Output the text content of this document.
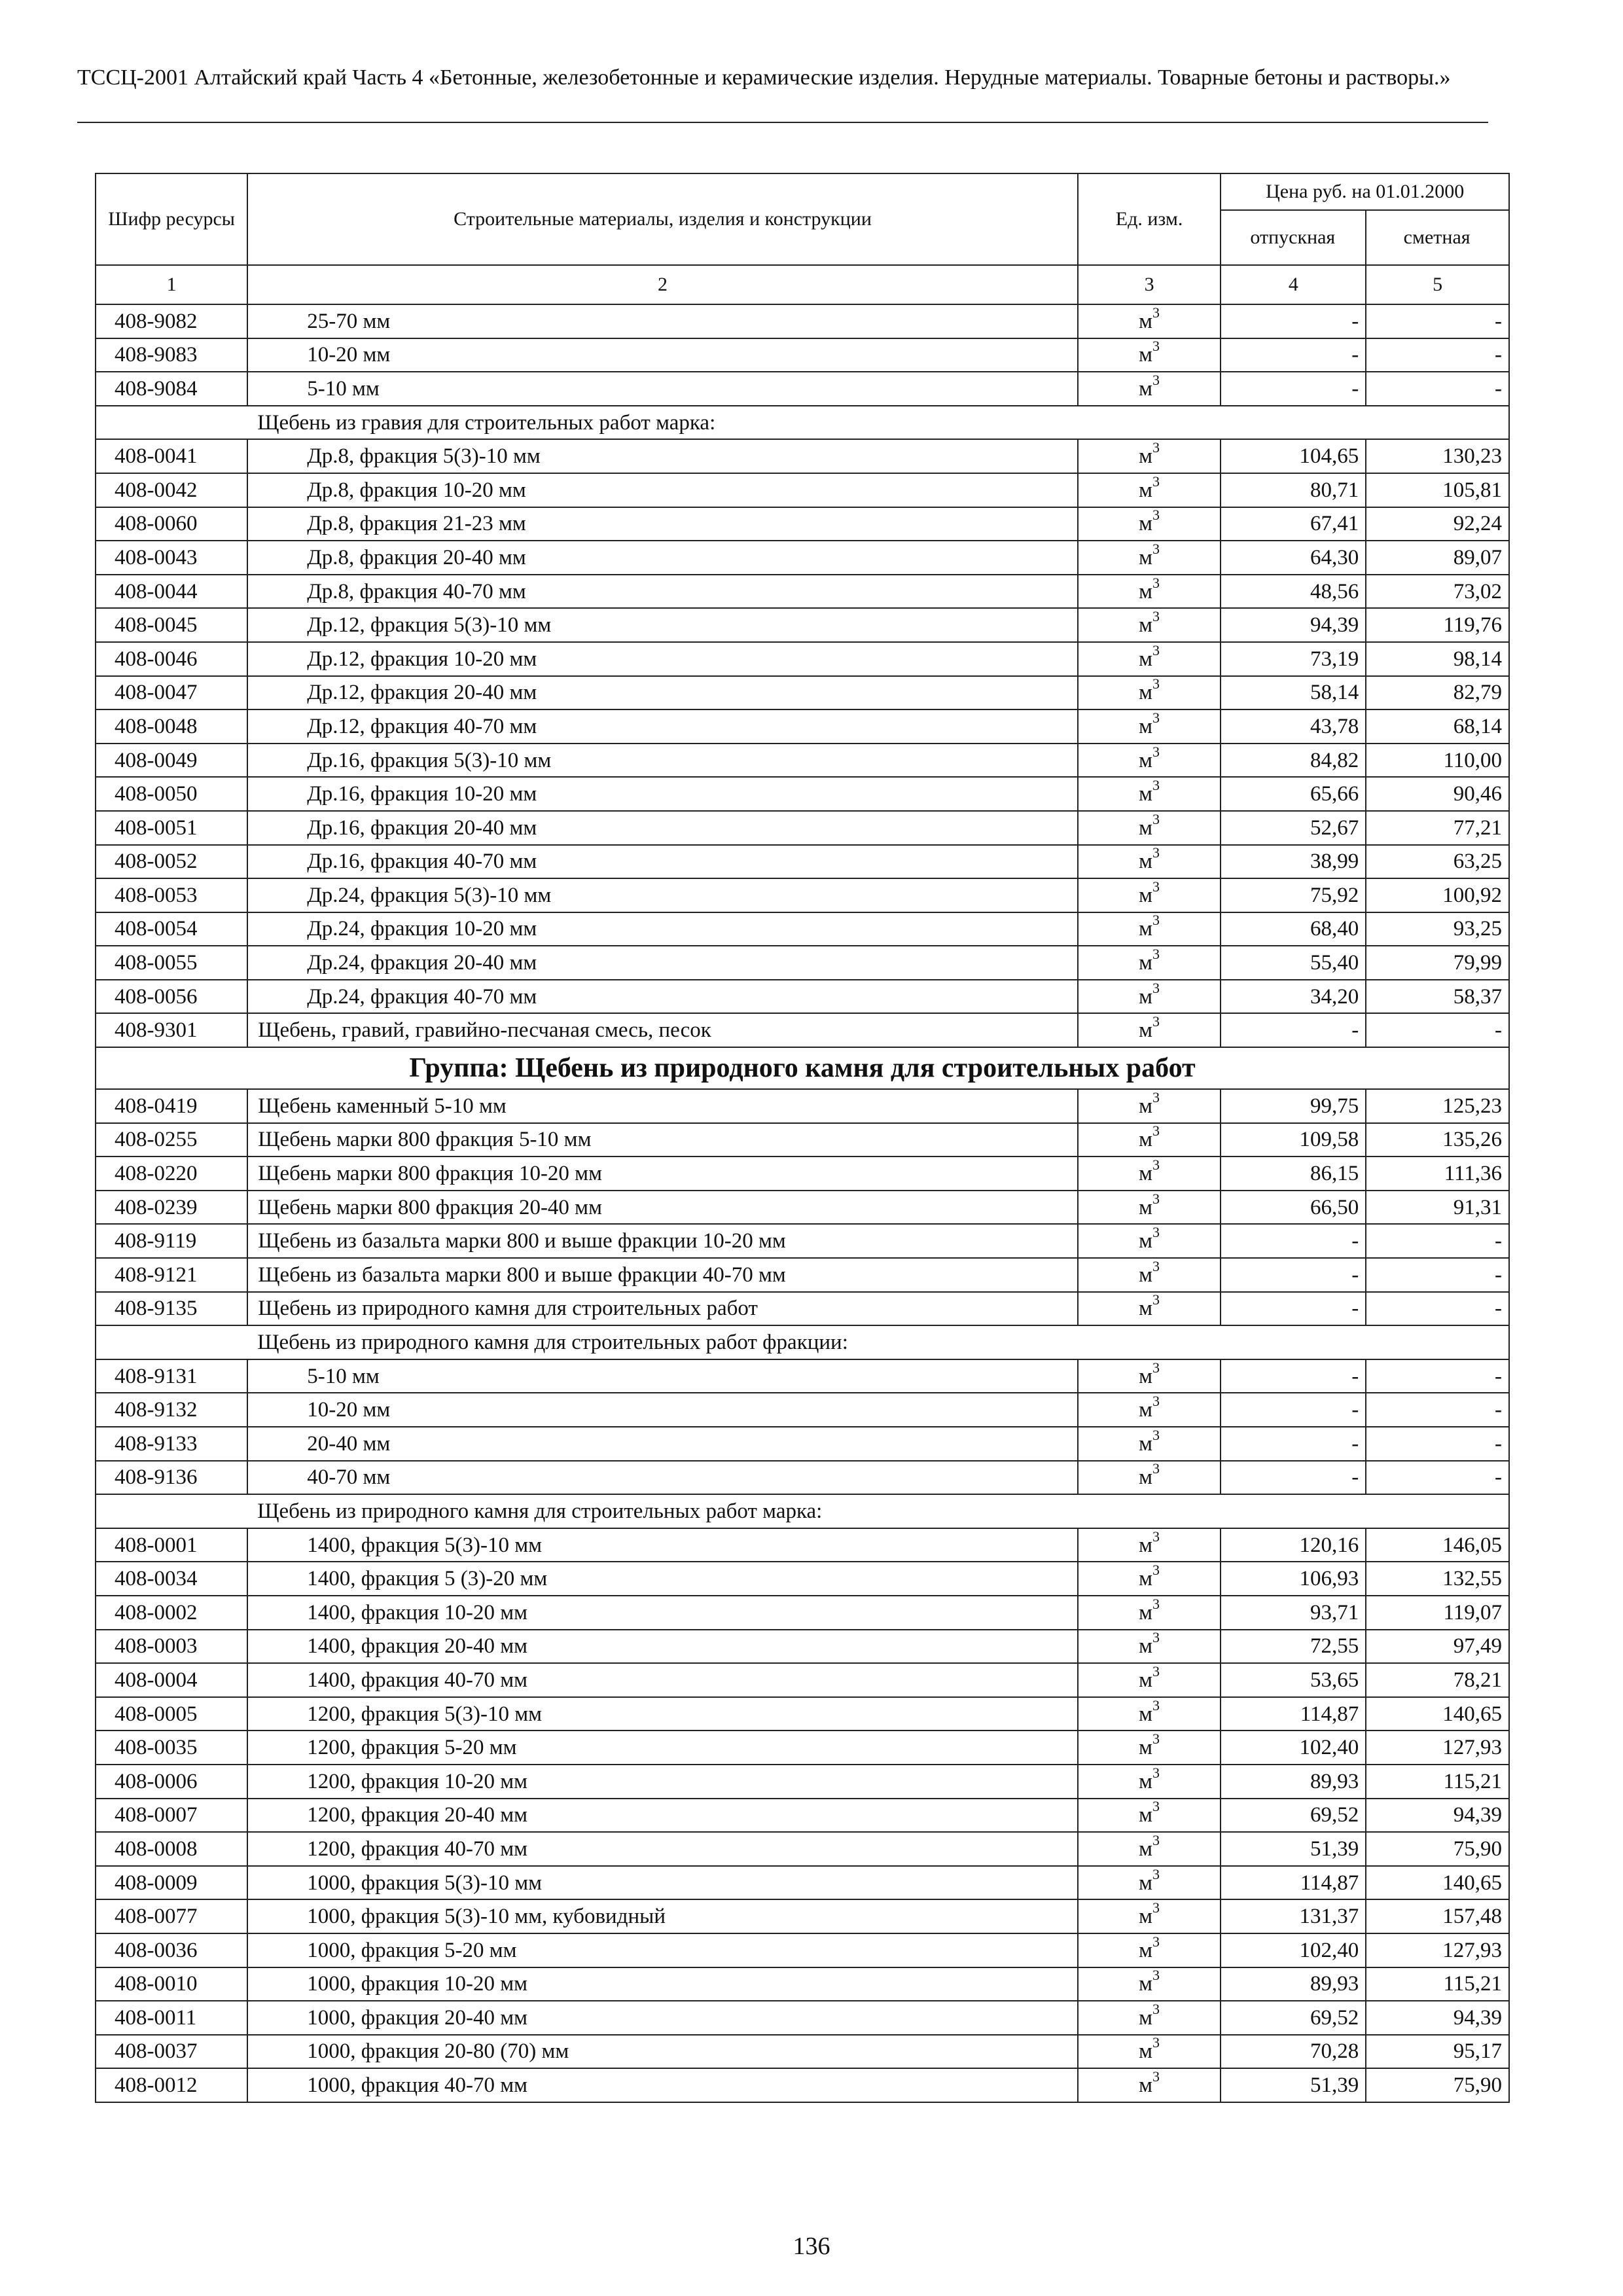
ТССЦ-2001 Алтайский край Часть 4 «Бетонные, железобетонные и керамические изделия. Нерудные материалы. Товарные бетоны и растворы.»
Шифр ресурсы	Строительные материалы, изделия и конструкции	Ед. изм.	Цена руб. на 01.01.2000	
			отпускная	сметная
1	2	3	4	5
408-9082	25-70 мм	$м^3$	-	-
408-9083	10-20 мм	$м^3$	-	-
408-9084	5-10 мм	$м^3$	-	-
	Щебень из гравия для строительных работ марка:			
408-0041	Др.8, фракция 5(3)-10 мм	$м^3$	104,65	130,23
408-0042	Др.8, фракция 10-20 мм	$м^3$	80,71	105,81
408-0060	Др.8, фракция 21-23 мм	$м^3$	67,41	92,24
408-0043	Др.8, фракция 20-40 мм	$м^3$	64,30	89,07
408-0044	Др.8, фракция 40-70 мм	$м^3$	48,56	73,02
408-0045	Др.12, фракция 5(3)-10 мм	$м^3$	94,39	119,76
408-0046	Др.12, фракция 10-20 мм	$м^3$	73,19	98,14
408-0047	Др.12, фракция 20-40 мм	$м^3$	58,14	82,79
408-0048	Др.12, фракция 40-70 мм	$м^3$	43,78	68,14
408-0049	Др.16, фракция 5(3)-10 мм	$м^3$	84,82	110,00
408-0050	Др.16, фракция 10-20 мм	$м^3$	65,66	90,46
408-0051	Др.16, фракция 20-40 мм	$м^3$	52,67	77,21
408-0052	Др.16, фракция 40-70 мм	$м^3$	38,99	63,25
408-0053	Др.24, фракция 5(3)-10 мм	$м^3$	75,92	100,92
408-0054	Др.24, фракция 10-20 мм	$м^3$	68,40	93,25
408-0055	Др.24, фракция 20-40 мм	$м^3$	55,40	79,99
408-0056	Др.24, фракция 40-70 мм	$м^3$	34,20	58,37
408-9301	Щебень, гравий, гравийно-песчаная смесь, песок	$м^3$	-	-
Группа: Щебень из природного камня для строительных работ				
408-0419	Щебень каменный 5-10 мм	$м^3$	99,75	125,23
408-0255	Щебень марки 800 фракция 5-10 мм	$м^3$	109,58	135,26
408-0220	Щебень марки 800 фракция 10-20 мм	$м^3$	86,15	111,36
408-0239	Щебень марки 800 фракция 20-40 мм	$м^3$	66,50	91,31
408-9119	Щебень из базальта марки 800 и выше фракции 10-20 мм	$м^3$	-	-
408-9121	Щебень из базальта марки 800 и выше фракции 40-70 мм	$м^3$	-	-
408-9135	Щебень из природного камня для строительных работ	$м^3$	-	-
	Щебень из природного камня для строительных работ фракции:			
408-9131	5-10 мм	$м^3$	-	-
408-9132	10-20 мм	$м^3$	-	-
408-9133	20-40 мм	$м^3$	-	-
408-9136	40-70 мм	$м^3$	-	-
	Щебень из природного камня для строительных работ марка:			
408-0001	1400, фракция 5(3)-10 мм	$м^3$	120,16	146,05
408-0034	1400, фракция 5 (3)-20 мм	$м^3$	106,93	132,55
408-0002	1400, фракция 10-20 мм	$м^3$	93,71	119,07
408-0003	1400, фракция 20-40 мм	$м^3$	72,55	97,49
408-0004	1400, фракция 40-70 мм	$м^3$	53,65	78,21
408-0005	1200, фракция 5(3)-10 мм	$м^3$	114,87	140,65
408-0035	1200, фракция 5-20 мм	$м^3$	102,40	127,93
408-0006	1200, фракция 10-20 мм	$м^3$	89,93	115,21
408-0007	1200, фракция 20-40 мм	$м^3$	69,52	94,39
408-0008	1200, фракция 40-70 мм	$м^3$	51,39	75,90
408-0009	1000, фракция 5(3)-10 мм	$м^3$	114,87	140,65
408-0077	1000, фракция 5(3)-10 мм, кубовидный	$м^3$	131,37	157,48
408-0036	1000, фракция 5-20 мм	$м^3$	102,40	127,93
408-0010	1000, фракция 10-20 мм	$м^3$	89,93	115,21
408-0011	1000, фракция 20-40 мм	$м^3$	69,52	94,39
408-0037	1000, фракция 20-80 (70) мм	$м^3$	70,28	95,17
408-0012	1000, фракция 40-70 мм	$м^3$	51,39	75,90
136
